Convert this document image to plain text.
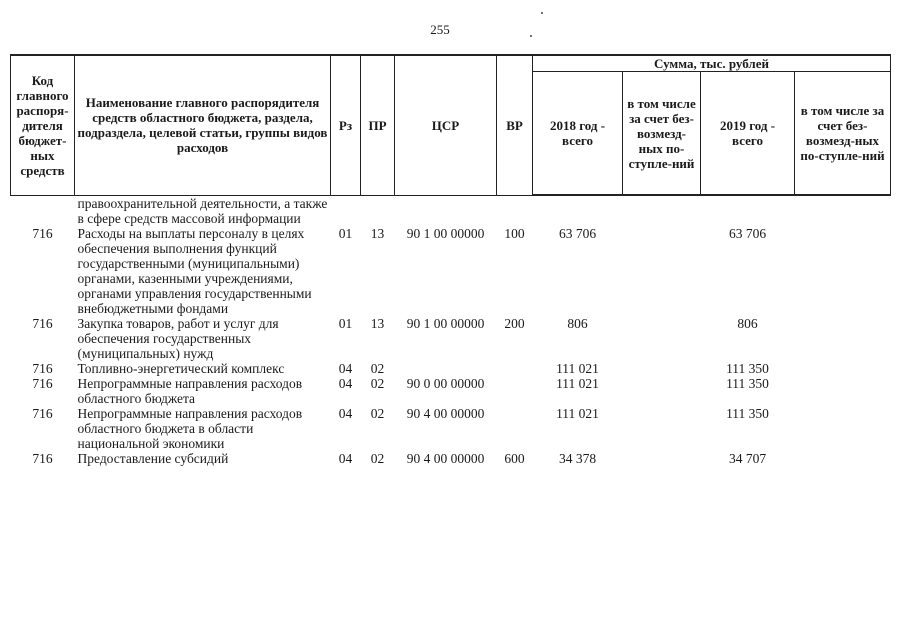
255
Код главного распоря-дителя бюджет-ных средств	Наименование главного распорядителя средств областного бюджета, раздела, подраздела, целевой статьи, группы видов расходов	Рз	ПР	ЦСР	ВР	Сумма, тыс. рублей			
						2018 год - всего	в том числе за счет без-возмезд-ных по-ступле-ний	2019 год - всего	в том числе за счет без-возмезд-ных по-ступле-ний
	правоохранительной деятельности, а также в сфере средств массовой информации								
716	Расходы на выплаты персоналу в целях обеспечения выполнения функций государственными (муниципальными) органами, казенными учреждениями, органами управления государственными внебюджетными фондами	01	13	90 1 00 00000	100	63 706		63 706	
716	Закупка товаров, работ и услуг для обеспечения государственных (муниципальных) нужд	01	13	90 1 00 00000	200	806		806	
716	Топливно-энергетический комплекс	04	02			111 021		111 350	
716	Непрограммные направления расходов областного бюджета	04	02	90 0 00 00000		111 021		111 350	
716	Непрограммные направления расходов областного бюджета в области национальной экономики	04	02	90 4 00 00000		111 021		111 350	
716	Предоставление субсидий	04	02	90 4 00 00000	600	34 378		34 707	
